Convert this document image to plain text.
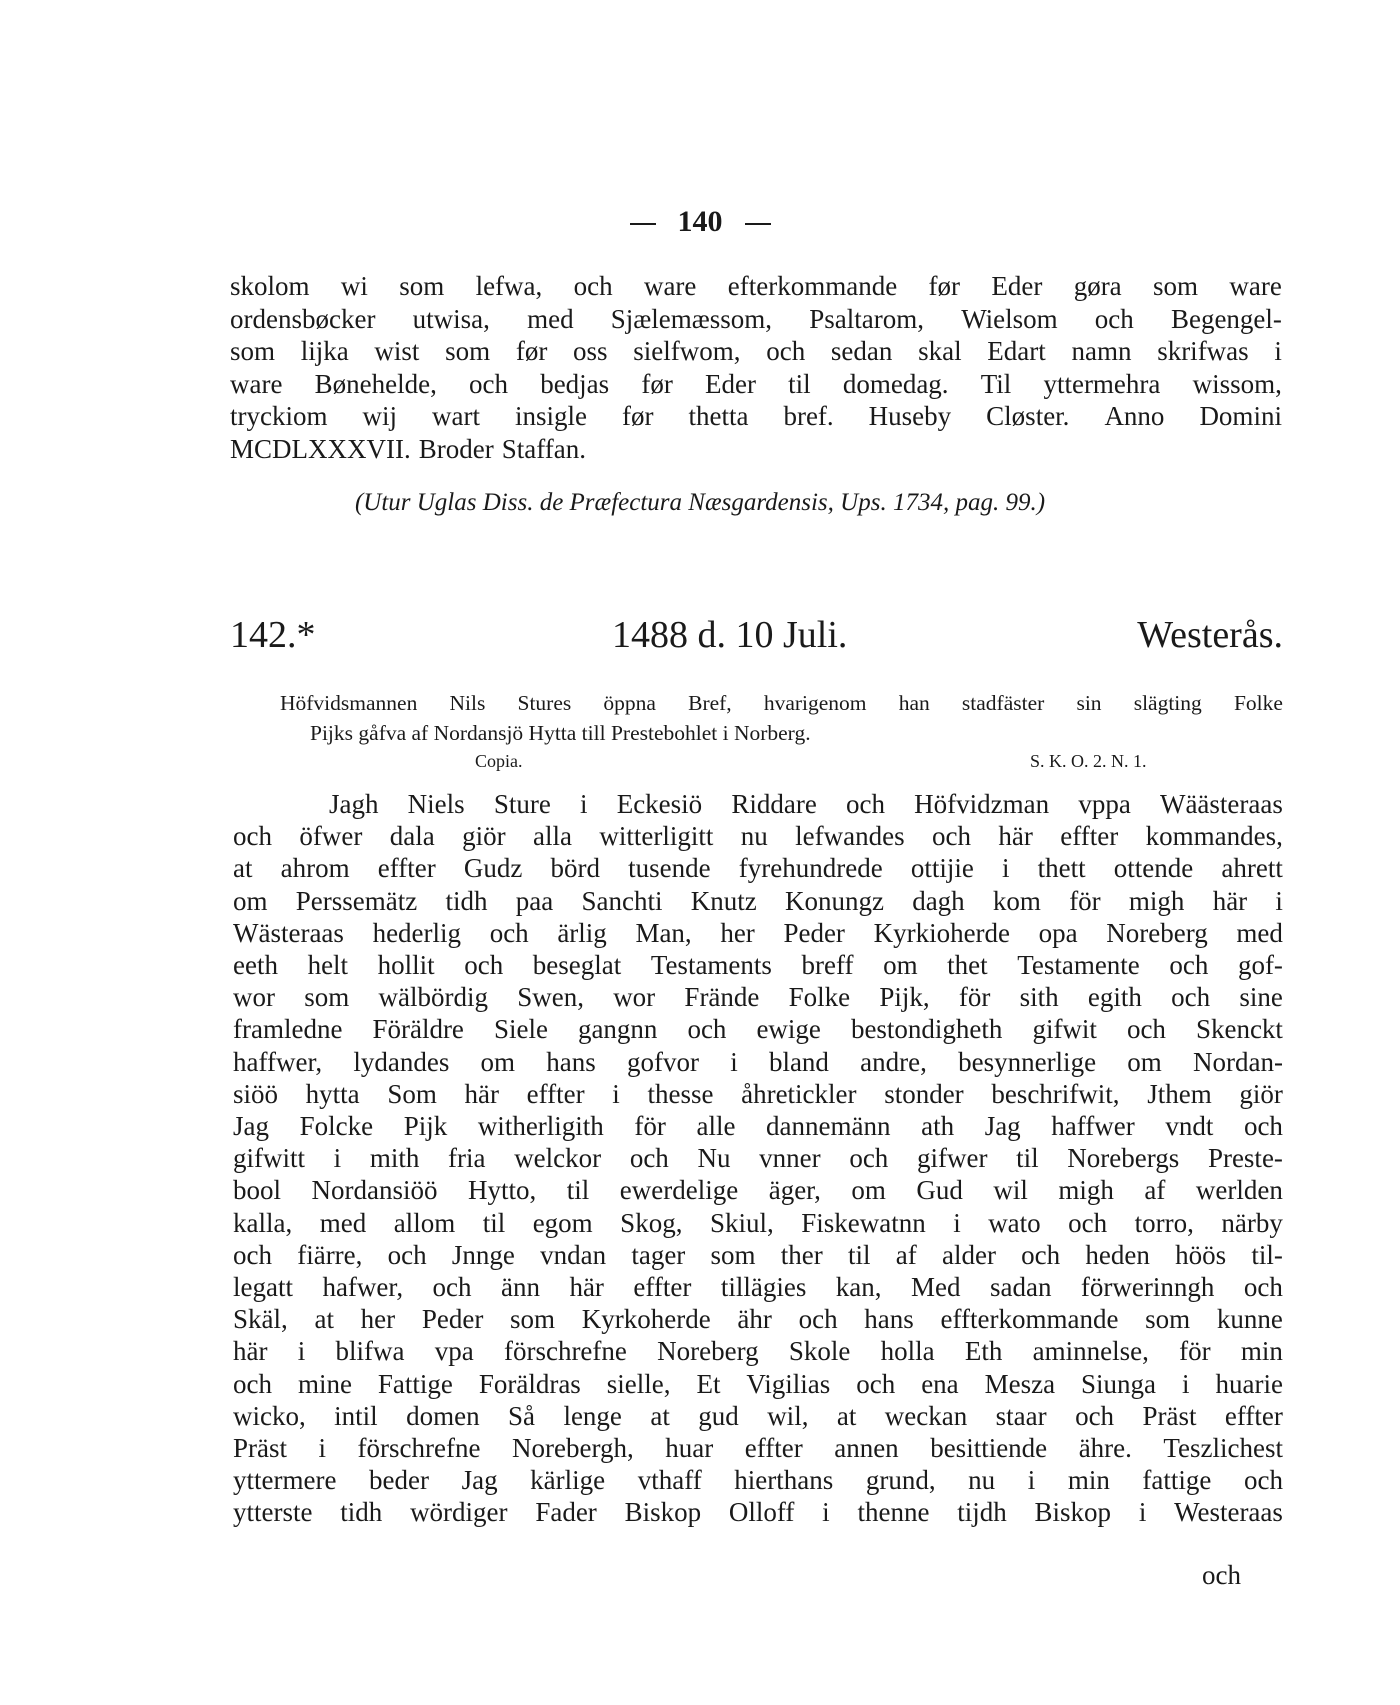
140
skolom wi som lefwa, och ware efterkommande før Eder gøra som ware
ordensbøcker utwisa, med Sjælemæssom, Psaltarom, Wielsom och Begengel-
som lijka wist som før oss sielfwom, och sedan skal Edart namn skrifwas i
ware Bønehelde, och bedjas før Eder til domedag. Til yttermehra wissom,
tryckiom wij wart insigle før thetta bref. Huseby Cløster. Anno Domini
MCDLXXXVII. Broder Staffan.
(Utur Uglas Diss. de Præfectura Næsgardensis, Ups. 1734, pag. 99.)
142.*	1488 d. 10 Juli.	Westerås.
Höfvidsmannen Nils Stures öppna Bref, hvarigenom han stadfäster sin slägting Folke
Pijks gåfva af Nordansjö Hytta till Prestebohlet i Norberg.
Copia.	S. K. O. 2. N. 1.
Jagh Niels Sture i Eckesiö Riddare och Höfvidzman vppa Wäästeraas
och öfwer dala giör alla witterligitt nu lefwandes och här effter kommandes,
at ahrom effter Gudz börd tusende fyrehundrede ottijie i thett ottende ahrett
om Perssemätz tidh paa Sanchti Knutz Konungz dagh kom för migh här i
Wästeraas hederlig och ärlig Man, her Peder Kyrkioherde opa Noreberg med
eeth helt hollit och beseglat Testaments breff om thet Testamente och gof-
wor som wälbördig Swen, wor Frände Folke Pijk, för sith egith och sine
framledne Föräldre Siele gangnn och ewige bestondigheth gifwit och Skenckt
haffwer, lydandes om hans gofvor i bland andre, besynnerlige om Nordan-
siöö hytta Som här effter i thesse åhretickler stonder beschrifwit, Jthem giör
Jag Folcke Pijk witherligith för alle dannemänn ath Jag haffwer vndt och
gifwitt i mith fria welckor och Nu vnner och gifwer til Norebergs Preste-
bool Nordansiöö Hytto, til ewerdelige äger, om Gud wil migh af werlden
kalla, med allom til egom Skog, Skiul, Fiskewatnn i wato och torro, närby
och fiärre, och Jnnge vndan tager som ther til af alder och heden höös til-
legatt hafwer, och änn här effter tillägies kan, Med sadan förwerinngh och
Skäl, at her Peder som Kyrkoherde ähr och hans effterkommande som kunne
här i blifwa vpa förschrefne Noreberg Skole holla Eth aminnelse, för min
och mine Fattige Foräldras sielle, Et Vigilias och ena Mesza Siunga i huarie
wicko, intil domen Så lenge at gud wil, at weckan staar och Präst effter
Präst i förschrefne Norebergh, huar effter annen besittiende ähre. Teszlichest
yttermere beder Jag kärlige vthaff hierthans grund, nu i min fattige och
ytterste tidh wördiger Fader Biskop Olloff i thenne tijdh Biskop i Westeraas
och
